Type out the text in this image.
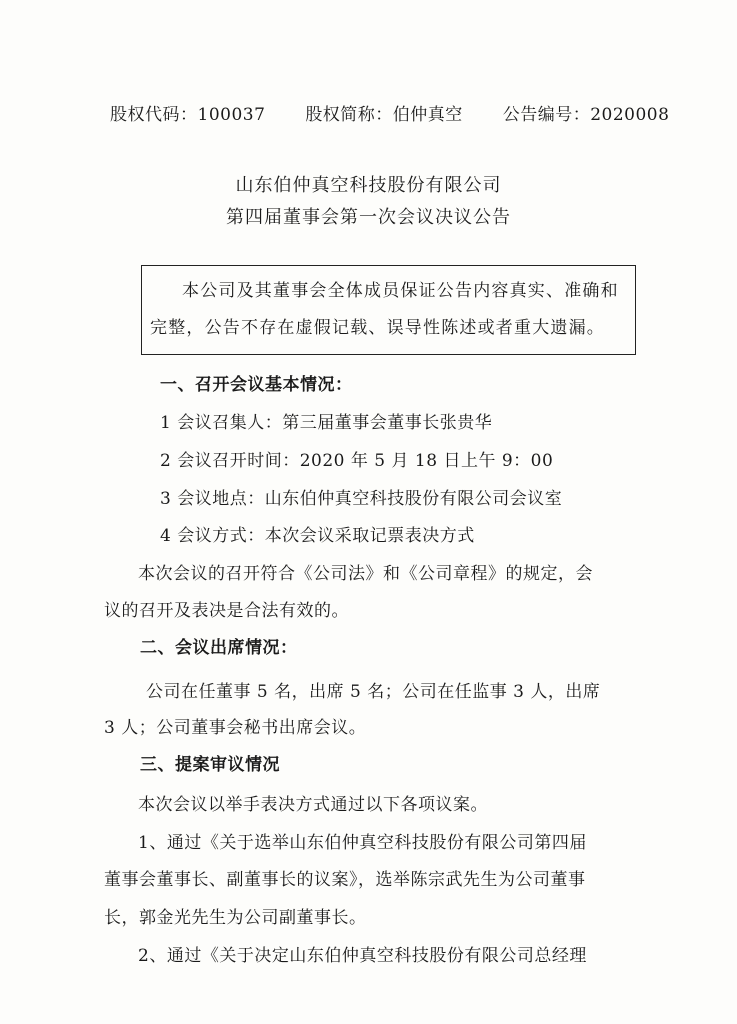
股权代码：100037 股权简称：伯仲真空 公告编号：2020008
山东伯仲真空科技股份有限公司
第四届董事会第一次会议决议公告
本公司及其董事会全体成员保证公告内容真实、准确和
完整，公告不存在虚假记载、误导性陈述或者重大遗漏。
一、召开会议基本情况：
1 会议召集人：第三届董事会董事长张贵华
2 会议召开时间：2020 年 5 月 18 日上午 9：00
3 会议地点：山东伯仲真空科技股份有限公司会议室
4 会议方式：本次会议采取记票表决方式
本次会议的召开符合《公司法》和《公司章程》的规定，会
议的召开及表决是合法有效的。
二、会议出席情况：
公司在任董事 5 名，出席 5 名；公司在任监事 3 人，出席
3 人；公司董事会秘书出席会议。
三、提案审议情况
本次会议以举手表决方式通过以下各项议案。
1、通过《关于选举山东伯仲真空科技股份有限公司第四届
董事会董事长、副董事长的议案》，选举陈宗武先生为公司董事
长，郭金光先生为公司副董事长。
2、通过《关于决定山东伯仲真空科技股份有限公司总经理
